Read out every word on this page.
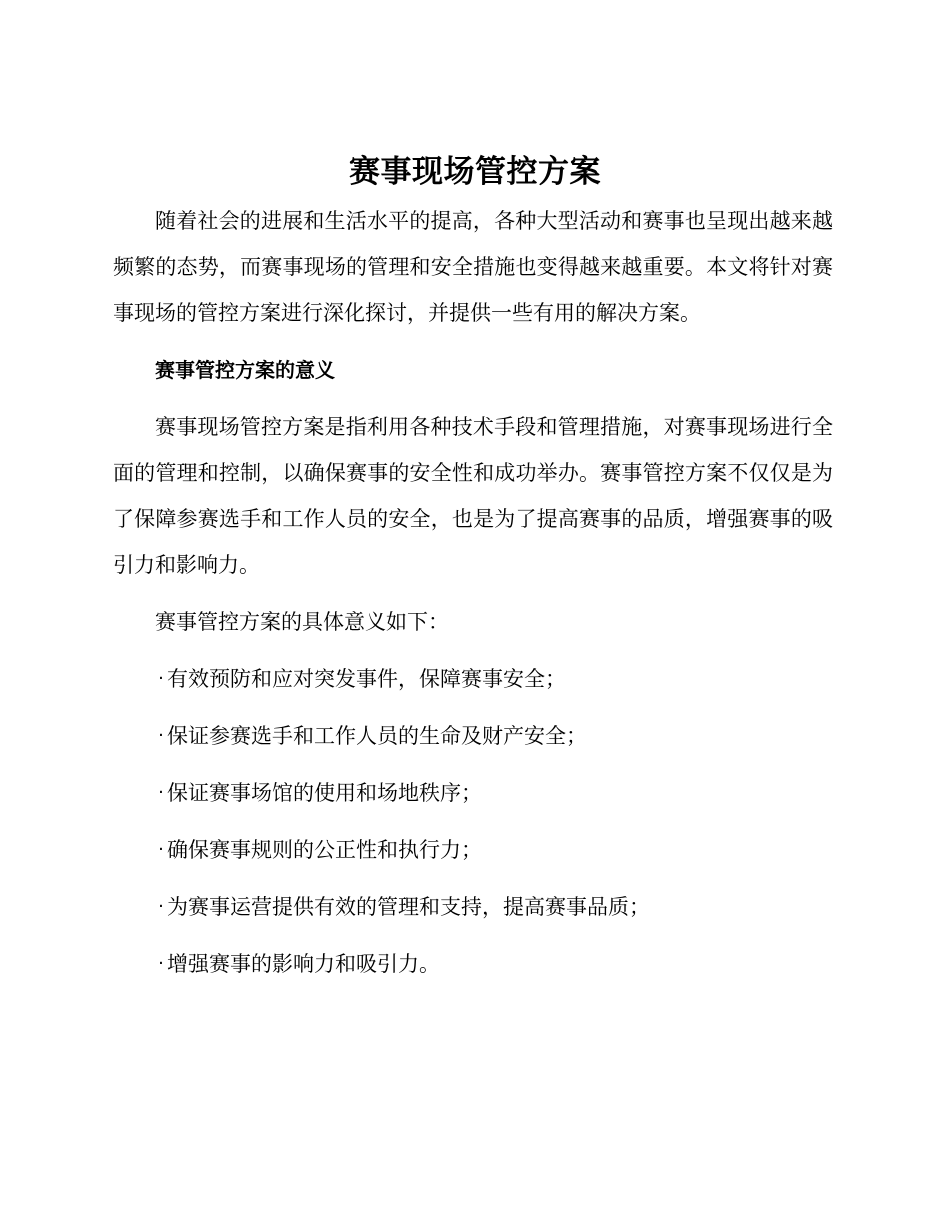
赛事现场管控方案

随着社会的进展和生活水平的提高，各种大型活动和赛事也呈现出越来越频繁的态势，而赛事现场的管理和安全措施也变得越来越重要。本文将针对赛事现场的管控方案进行深化探讨，并提供一些有用的解决方案。

赛事管控方案的意义

赛事现场管控方案是指利用各种技术手段和管理措施，对赛事现场进行全面的管理和控制，以确保赛事的安全性和成功举办。赛事管控方案不仅仅是为了保障参赛选手和工作人员的安全，也是为了提高赛事的品质，增强赛事的吸引力和影响力。

赛事管控方案的具体意义如下：

· 有效预防和应对突发事件，保障赛事安全；
· 保证参赛选手和工作人员的生命及财产安全；
· 保证赛事场馆的使用和场地秩序；
· 确保赛事规则的公正性和执行力；
· 为赛事运营提供有效的管理和支持，提高赛事品质；
· 增强赛事的影响力和吸引力。
